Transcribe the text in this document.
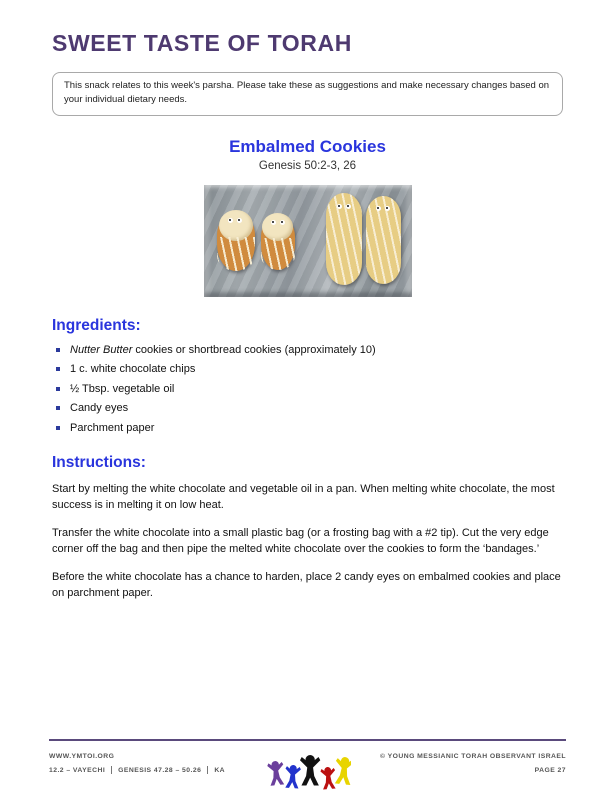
SWEET TASTE OF TORAH
This snack relates to this week's parsha. Please take these as suggestions and make necessary changes based on your individual dietary needs.
Embalmed Cookies
Genesis 50:2-3, 26
Ingredients:
Nutter Butter cookies or shortbread cookies (approximately 10)
1 c. white chocolate chips
½ Tbsp. vegetable oil
Candy eyes
Parchment paper
Instructions:

Start by melting the white chocolate and vegetable oil in a pan. When melting white chocolate, the most success is in melting it on low heat.

Transfer the white chocolate into a small plastic bag (or a frosting bag with a #2 tip). Cut the very edge corner off the bag and then pipe the melted white chocolate over the cookies to form the ‘bandages.’

Before the white chocolate has a chance to harden, place 2 candy eyes on embalmed cookies and place on parchment paper.

WWW.YMTOI.ORG
12.2 – VAYECHI GENESIS 47.28 – 50.26 KA
© YOUNG MESSIANIC TORAH OBSERVANT ISRAEL
PAGE 27
